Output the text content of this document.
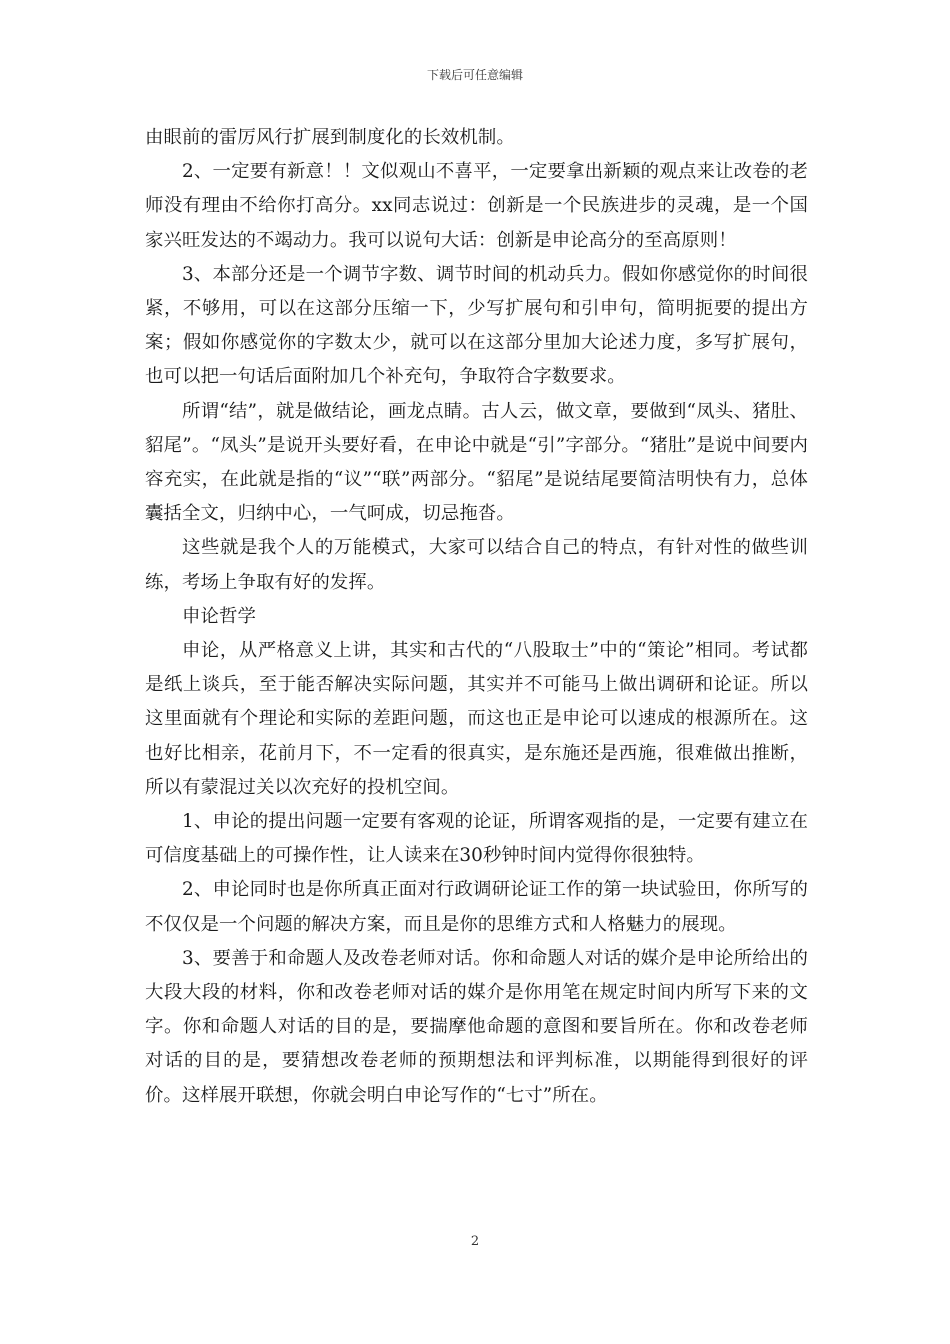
下载后可任意编辑

由眼前的雷厉风行扩展到制度化的长效机制。

2、一定要有新意！！文似观山不喜平，一定要拿出新颖的观点来让改卷的老师没有理由不给你打高分。xx同志说过：创新是一个民族进步的灵魂，是一个国家兴旺发达的不竭动力。我可以说句大话：创新是申论高分的至高原则！

3、本部分还是一个调节字数、调节时间的机动兵力。假如你感觉你的时间很紧，不够用，可以在这部分压缩一下，少写扩展句和引申句，简明扼要的提出方案；假如你感觉你的字数太少，就可以在这部分里加大论述力度，多写扩展句，也可以把一句话后面附加几个补充句，争取符合字数要求。

所谓“结”，就是做结论，画龙点睛。古人云，做文章，要做到“凤头、猪肚、貂尾”。“凤头”是说开头要好看，在申论中就是“引”字部分。“猪肚”是说中间要内容充实，在此就是指的“议”“联”两部分。“貂尾”是说结尾要简洁明快有力，总体囊括全文，归纳中心，一气呵成，切忌拖沓。

这些就是我个人的万能模式，大家可以结合自己的特点，有针对性的做些训练，考场上争取有好的发挥。

申论哲学

申论，从严格意义上讲，其实和古代的“八股取士”中的“策论”相同。考试都是纸上谈兵，至于能否解决实际问题，其实并不可能马上做出调研和论证。所以这里面就有个理论和实际的差距问题，而这也正是申论可以速成的根源所在。这也好比相亲，花前月下，不一定看的很真实，是东施还是西施，很难做出推断，所以有蒙混过关以次充好的投机空间。

1、申论的提出问题一定要有客观的论证，所谓客观指的是，一定要有建立在可信度基础上的可操作性，让人读来在30秒钟时间内觉得你很独特。

2、申论同时也是你所真正面对行政调研论证工作的第一块试验田，你所写的不仅仅是一个问题的解决方案，而且是你的思维方式和人格魅力的展现。

3、要善于和命题人及改卷老师对话。你和命题人对话的媒介是申论所给出的大段大段的材料，你和改卷老师对话的媒介是你用笔在规定时间内所写下来的文字。你和命题人对话的目的是，要揣摩他命题的意图和要旨所在。你和改卷老师对话的目的是，要猜想改卷老师的预期想法和评判标准，以期能得到很好的评价。这样展开联想，你就会明白申论写作的“七寸”所在。

2
